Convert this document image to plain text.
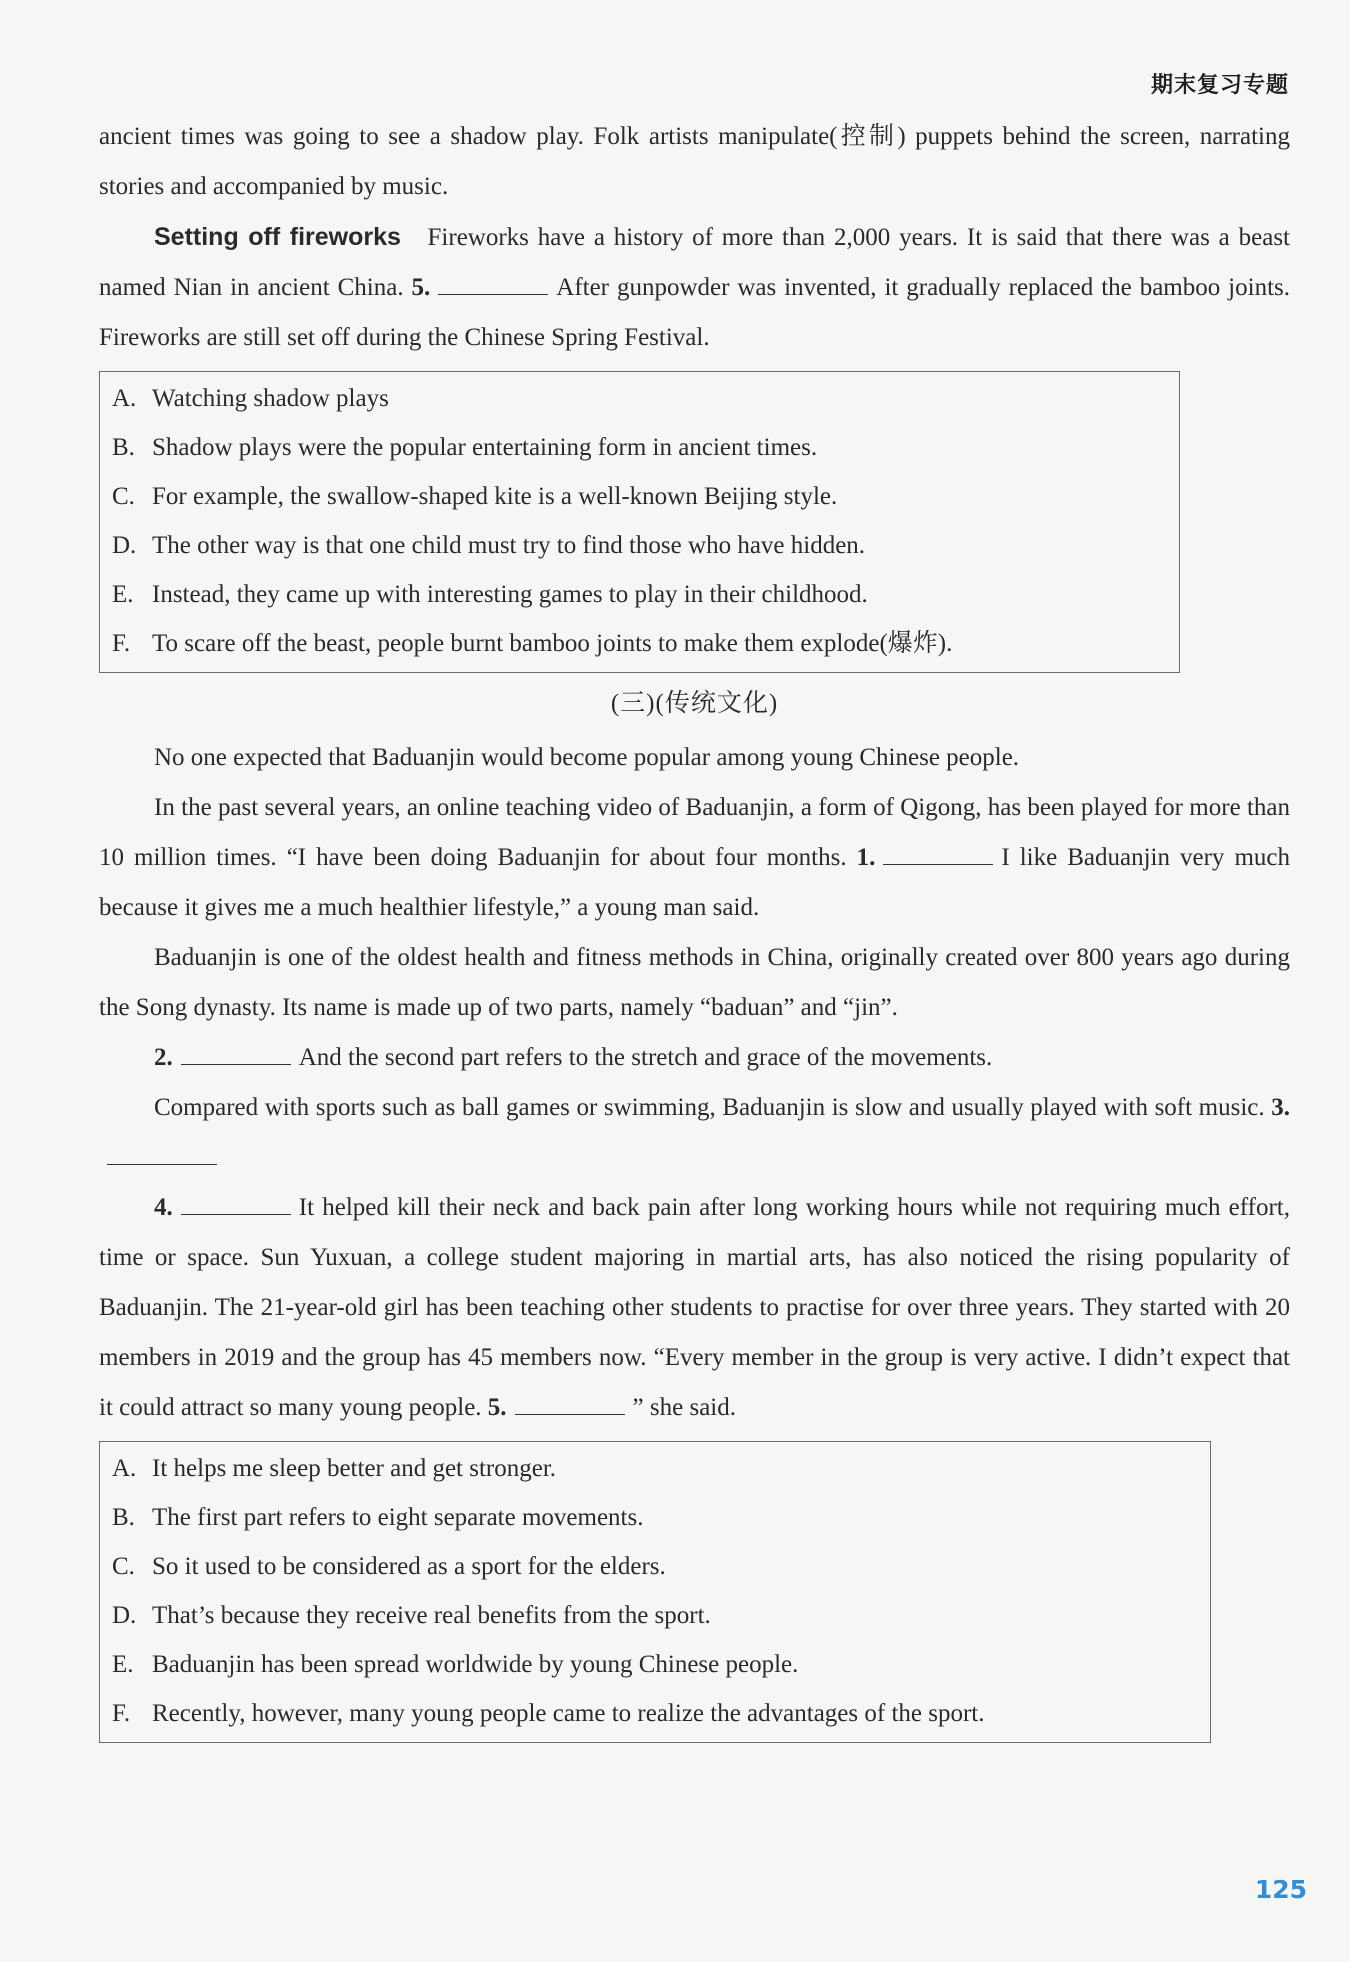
期末复习专题

ancient times was going to see a shadow play. Folk artists manipulate(控制) puppets behind the screen, narrating stories and accompanied by music.

Setting off fireworks Fireworks have a history of more than 2,000 years. It is said that there was a beast named Nian in ancient China. 5.	After gunpowder was invented, it gradually replaced the bamboo joints. Fireworks are still set off during the Chinese Spring Festival.

A. Watching shadow plays
B. Shadow plays were the popular entertaining form in ancient times.
C. For example, the swallow-shaped kite is a well-known Beijing style.
D. The other way is that one child must try to find those who have hidden.
E. Instead, they came up with interesting games to play in their childhood.
F. To scare off the beast, people burnt bamboo joints to make them explode(爆炸).
(三)(传统文化)

No one expected that Baduanjin would become popular among young Chinese people.

In the past several years, an online teaching video of Baduanjin, a form of Qigong, has been played for more than 10 million times. “I have been doing Baduanjin for about four months. 1.	I like Baduanjin very much because it gives me a much healthier lifestyle,” a young man said.

Baduanjin is one of the oldest health and fitness methods in China, originally created over 800 years ago during the Song dynasty. Its name is made up of two parts, namely “baduan” and “jin”.

2.	And the second part refers to the stretch and grace of the movements.

Compared with sports such as ball games or swimming, Baduanjin is slow and usually played with soft music. 3.

4.	It helped kill their neck and back pain after long working hours while not requiring much effort, time or space. Sun Yuxuan, a college student majoring in martial arts, has also noticed the rising popularity of Baduanjin. The 21-year-old girl has been teaching other students to practise for over three years. They started with 20 members in 2019 and the group has 45 members now. “Every member in the group is very active. I didn’t expect that it could attract so many young people. 5.	” she said.

A. It helps me sleep better and get stronger.
B. The first part refers to eight separate movements.
C. So it used to be considered as a sport for the elders.
D. That’s because they receive real benefits from the sport.
E. Baduanjin has been spread worldwide by young Chinese people.
F. Recently, however, many young people came to realize the advantages of the sport.
125
